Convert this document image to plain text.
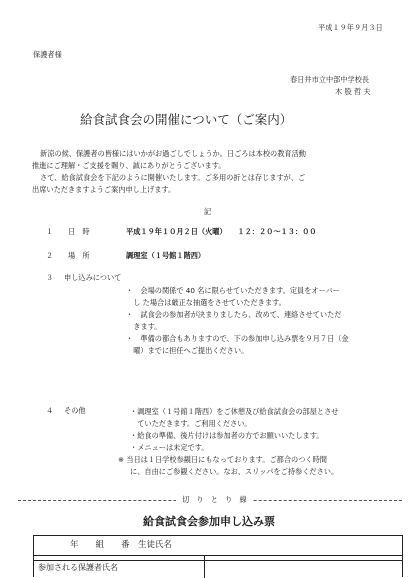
平成１９年９月３日
保護者様
春日井市立中部中学校長
木 股 哲 夫
給食試食会の開催について（ご案内）
新涼の候、保護者の皆様にはいかがお過ごしでしょうか。日ごろは本校の教育活動
推進にご理解・ご支援を賜り、誠にありがとうございます。
さて、給食試食会を下記のように開催いたします。ご多用の折とは存じますが、ご
出席いただきますようご案内申し上げます。
記
１ 日　時	平成１９年１０月２日（火曜）　　１２：２０～１３：００
２ 場　所	調理室（１号館１階西）
３ 申し込みについて
・　会場の関係で 40 名に限らせていただきます。定員をオーバー
　し た場合は厳正な抽選をさせていただきます。
・　試食会の参加者が決まりましたら、改めて、連絡させていただ
　きます。
・　準備の都合もありますので、下の参加申し込み票を９月７日（金
　曜）までに担任へご提出ください。
４ その他	・調理室（１号館１階西）をご休憩及び給食試食会の部屋とさせ
　ていただきます。ご利用ください。
・給食の準備、後片付けは参加者の方でお願いいたします。
・メニューは未定です。
※ 当日は１日学校参観日にもなっております。ご都合のつく時間
に、自由にご参観ください。なお、スリッパをご持参ください。
切　り　と　り　線
給食試食会参加申し込み票
年　　組　　番　生徒氏名
参加される保護者氏名
